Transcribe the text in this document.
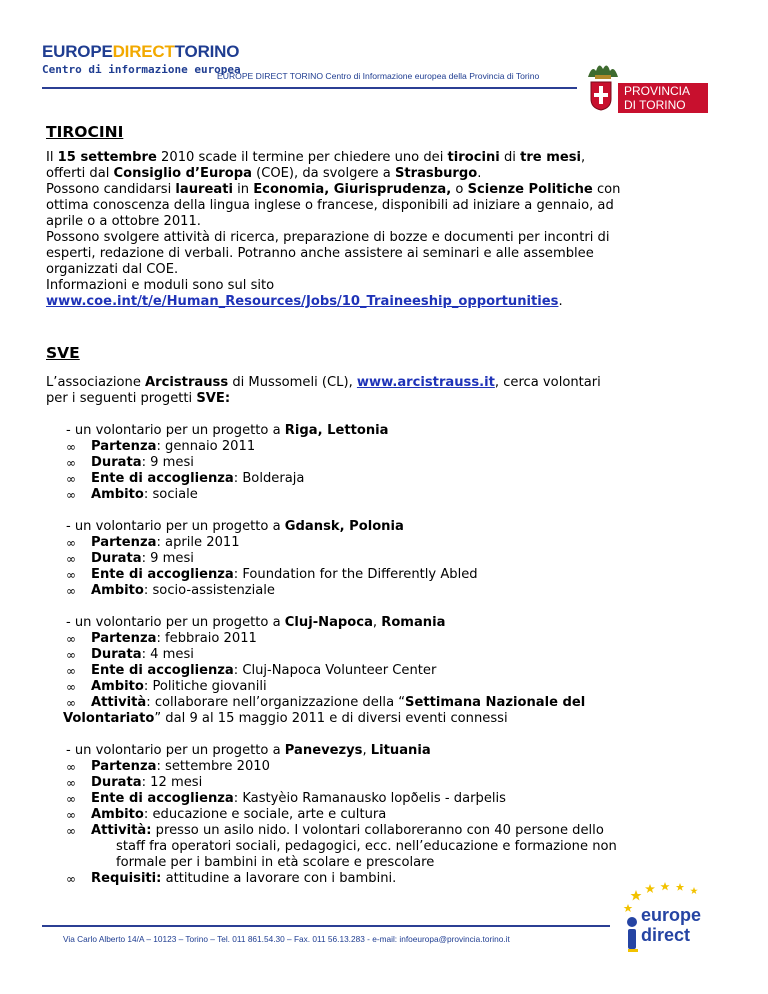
EUROPEDIRECTTORINO
Centro di informazione europea
EUROPE DIRECT TORINO Centro di Informazione europea della Provincia di Torino
PROVINCIA
DI TORINO
TIROCINI

Il 15 settembre 2010 scade il termine per chiedere uno dei tirocini di tre mesi,

offerti dal Consiglio d’Europa (COE), da svolgere a Strasburgo.

Possono candidarsi laureati in Economia, Giurisprudenza, o Scienze Politiche con

ottima conoscenza della lingua inglese o francese, disponibili ad iniziare a gennaio, ad

aprile o a ottobre 2011.

Possono svolgere attività di ricerca, preparazione di bozze e documenti per incontri di

esperti, redazione di verbali. Potranno anche assistere ai seminari e alle assemblee

organizzati dal COE.

Informazioni e moduli sono sul sito

www.coe.int/t/e/Human_Resources/Jobs/10_Traineeship_opportunities.

SVE

L’associazione Arcistrauss di Mussomeli (CL), www.arcistrauss.it, cerca volontari

per i seguenti progetti SVE:

- un volontario per un progetto a Riga, Lettonia
∞ Partenza: gennaio 2011
∞ Durata: 9 mesi
∞ Ente di accoglienza: Bolderaja
∞ Ambito: sociale
- un volontario per un progetto a Gdansk, Polonia
∞ Partenza: aprile 2011
∞ Durata: 9 mesi
∞ Ente di accoglienza: Foundation for the Differently Abled
∞ Ambito: socio-assistenziale
- un volontario per un progetto a Cluj-Napoca, Romania
∞ Partenza: febbraio 2011
∞ Durata: 4 mesi
∞ Ente di accoglienza: Cluj-Napoca Volunteer Center
∞ Ambito: Politiche giovanili
∞ Attività: collaborare nell’organizzazione della “Settimana Nazionale del
Volontariato” dal 9 al 15 maggio 2011 e di diversi eventi connessi
- un volontario per un progetto a Panevezys, Lituania
∞ Partenza: settembre 2010
∞ Durata: 12 mesi
∞ Ente di accoglienza: Kastyèio Ramanausko lopðelis - darþelis
∞ Ambito: educazione e sociale, arte e cultura
∞ Attività: presso un asilo nido. I volontari collaboreranno con 40 persone dello
staff fra operatori sociali, pedagogici, ecc. nell’educazione e formazione non
formale per i bambini in età scolare e prescolare
∞ Requisiti: attitudine a lavorare con i bambini.
Via Carlo Alberto 14/A – 10123 – Torino – Tel. 011 861.54.30 – Fax. 011 56.13.283 - e-mail: infoeuropa@provincia.torino.it
europe
direct
